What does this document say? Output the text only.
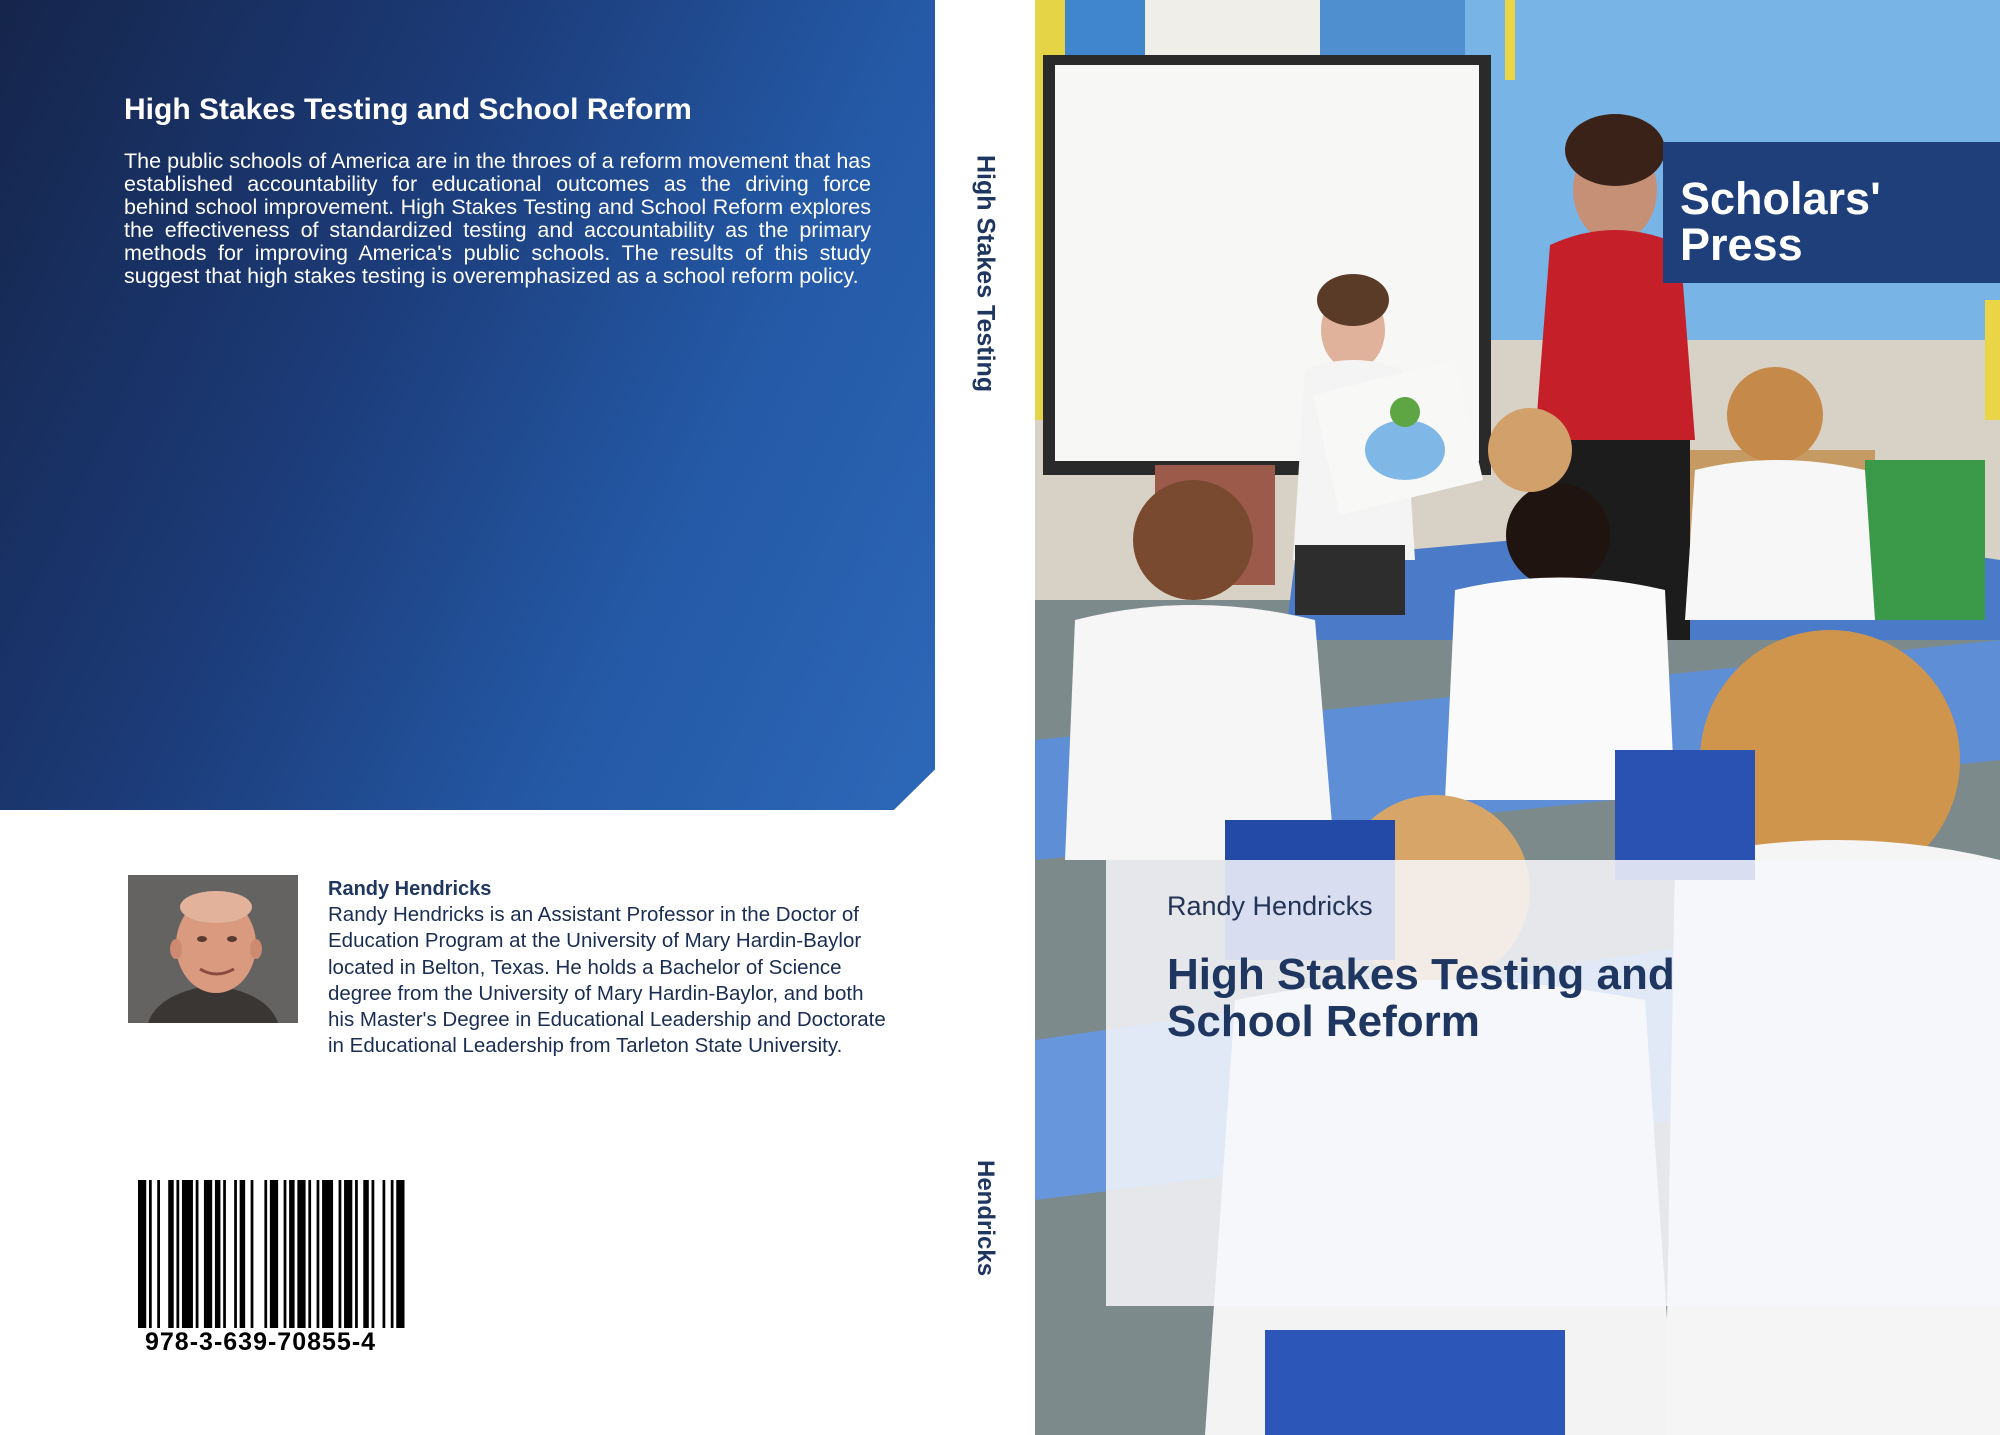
High Stakes Testing and School Reform
The public schools of America are in the throes of a reform movement that has established accountability for educational outcomes as the driving force behind school improvement. High Stakes Testing and School Reform explores the effectiveness of standardized testing and accountability as the primary methods for improving America's public schools. The results of this study suggest that high stakes testing is overemphasized as a school reform policy.
Randy Hendricks
Randy Hendricks is an Assistant Professor in the Doctor of Education Program at the University of Mary Hardin-Baylor located in Belton, Texas. He holds a Bachelor of Science degree from the University of Mary Hardin-Baylor, and both his Master's Degree in Educational Leadership and Doctorate in Educational Leadership from Tarleton State University.
978-3-639-70855-4
High Stakes Testing
Hendricks
Scholars'
Press
Randy Hendricks
High Stakes Testing and School Reform
